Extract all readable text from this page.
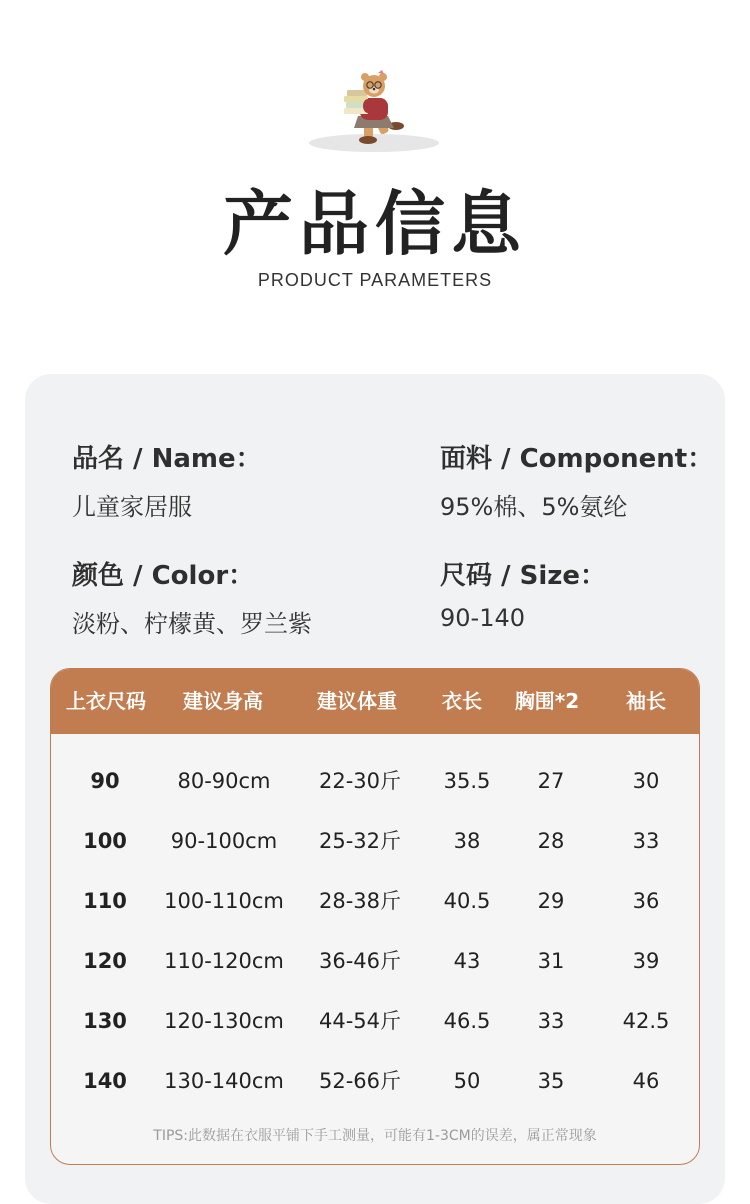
产品信息
PRODUCT PARAMETERS
品名 / Name：
儿童家居服
面料 / Component：
95%棉、5%氨纶
颜色 / Color：
淡粉、柠檬黄、罗兰紫
尺码 / Size：
90-140
上衣尺码 建议身高	建议体重 衣长 胸围*2 袖长
90	80-90cm 22-30斤 35.5 27	30
100 90-100cm 25-32斤	38	28	33
110 100-110cm 28-38斤 40.5 29	36
120 110-120cm 36-46斤	43	31	39
130 120-130cm 44-54斤 46.5 33	42.5
140 130-140cm 52-66斤	50	35	46
TIPS:此数据在衣服平铺下手工测量，可能有1-3CM的误差，属正常现象
